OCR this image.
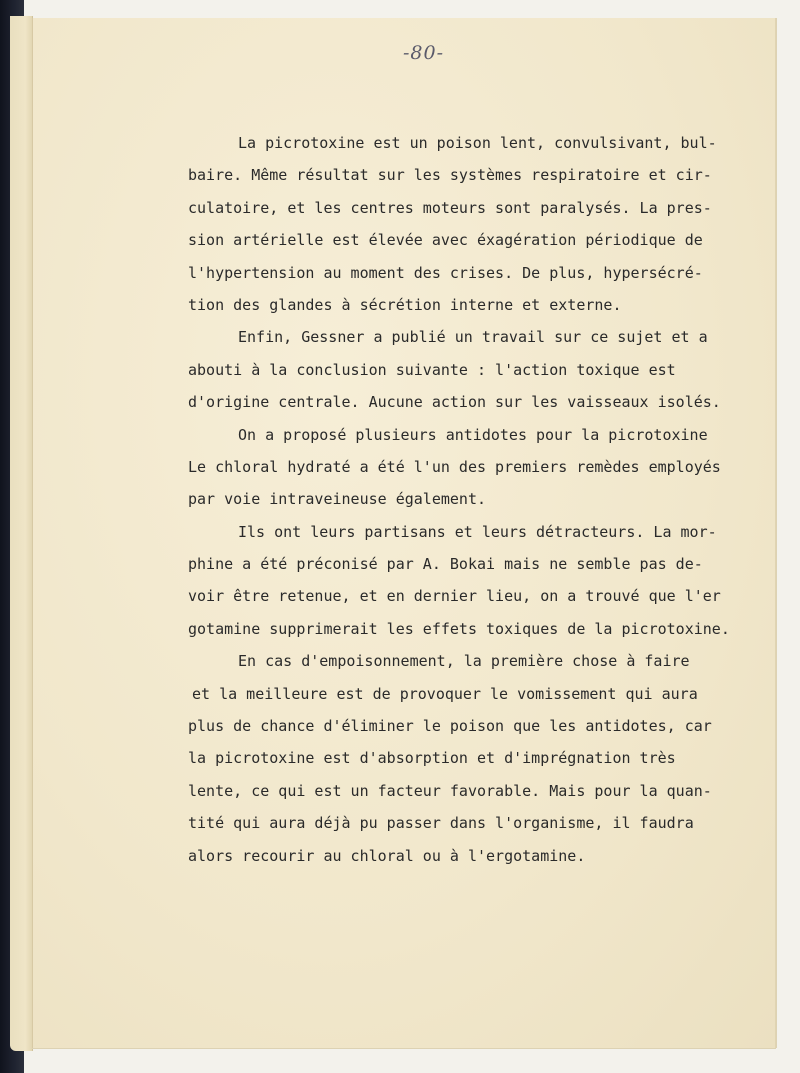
-80-
La picrotoxine est un poison lent, convulsivant, bul-
baire. Même résultat sur les systèmes respiratoire et cir-
culatoire, et les centres moteurs sont paralysés. La pres-
sion artérielle est élevée avec éxagération périodique de
l'hypertension au moment des crises. De plus, hypersécré-
tion des glandes à sécrétion interne et externe.
Enfin, Gessner a publié un travail sur ce sujet et a
abouti à la conclusion suivante : l'action toxique est
d'origine centrale. Aucune action sur les vaisseaux isolés.
On a proposé plusieurs antidotes pour la picrotoxine
Le chloral hydraté a été l'un des premiers remèdes employés
par voie intraveineuse également.
Ils ont leurs partisans et leurs détracteurs. La mor-
phine a été préconisé par A. Bokai mais ne semble pas de-
voir être retenue, et en dernier lieu, on a trouvé que l'er
gotamine supprimerait les effets toxiques de la picrotoxine.
En cas d'empoisonnement, la première chose à faire
et la meilleure est de provoquer le vomissement qui aura
plus de chance d'éliminer le poison que les antidotes, car
la picrotoxine est d'absorption et d'imprégnation très
lente, ce qui est un facteur favorable. Mais pour la quan-
tité qui aura déjà pu passer dans l'organisme, il faudra
alors recourir au chloral ou à l'ergotamine.
